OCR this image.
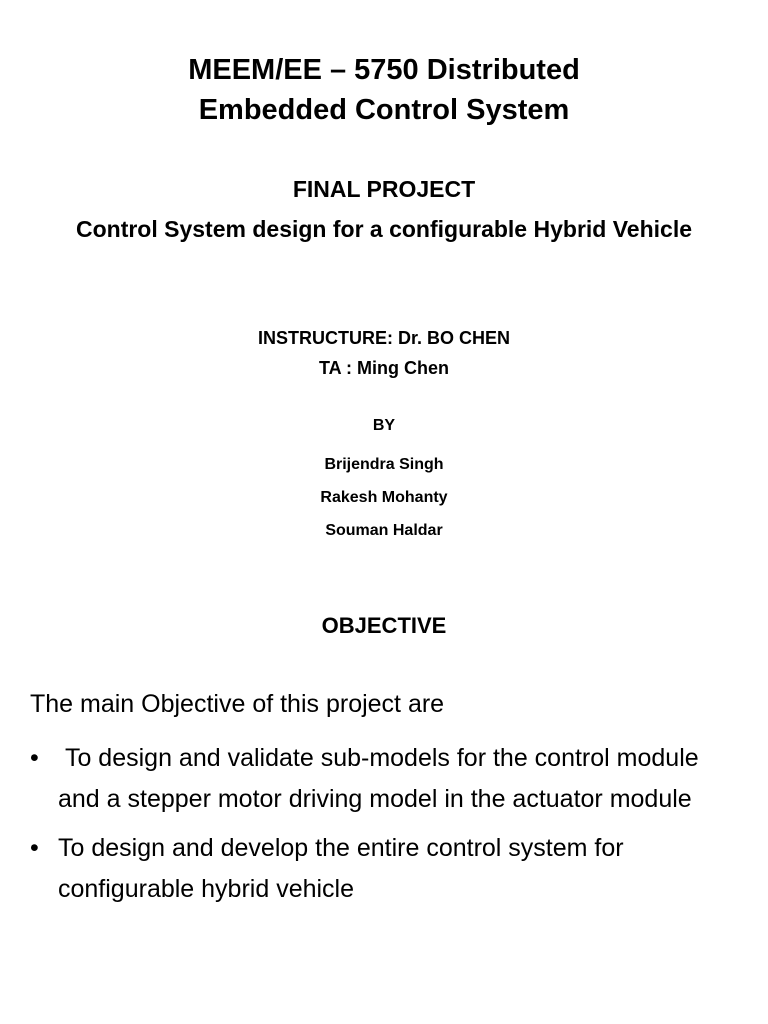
MEEM/EE – 5750 Distributed
Embedded Control System
FINAL PROJECT
Control System design for a configurable Hybrid Vehicle
INSTRUCTURE: Dr. BO CHEN
TA : Ming Chen
BY
Brijendra Singh
Rakesh Mohanty
Souman Haldar
OBJECTIVE
The main Objective of this project are
• To design and validate sub-models for the control module and a stepper motor driving model in the actuator module
• To design and develop the entire control system for configurable hybrid vehicle
